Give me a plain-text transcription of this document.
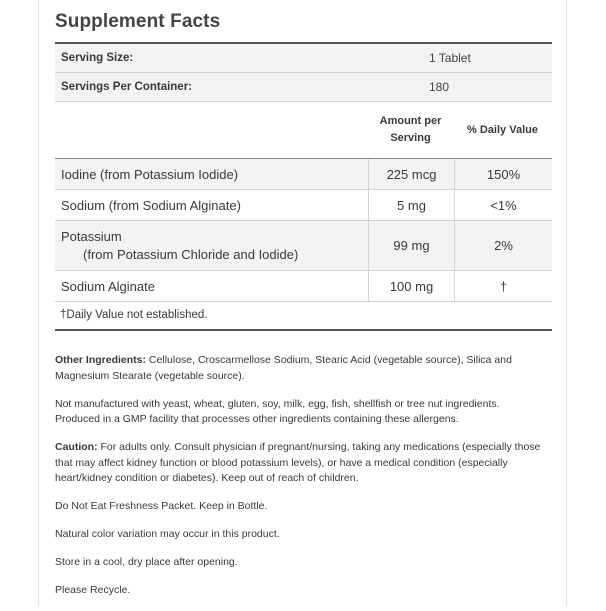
Supplement Facts
Serving Size:	1 Tablet
Servings Per Container:	180
Amount per
Serving
% Daily Value
Iodine (from Potassium Iodide)	225 mcg	150%
Sodium (from Sodium Alginate)	5 mg	<1%
Potassium
(from Potassium Chloride and Iodide)
99 mg	2%
Sodium Alginate	100 mg	†
†Daily Value not established.

Other Ingredients: Cellulose, Croscarmellose Sodium, Stearic Acid (vegetable source), Silica and Magnesium Stearate (vegetable source).

Not manufactured with yeast, wheat, gluten, soy, milk, egg, fish, shellfish or tree nut ingredients. Produced in a GMP facility that processes other ingredients containing these allergens.

Caution: For adults only. Consult physician if pregnant/nursing, taking any medications (especially those that may affect kidney function or blood potassium levels), or have a medical condition (especially heart/kidney condition or diabetes). Keep out of reach of children.

Do Not Eat Freshness Packet. Keep in Bottle.

Natural color variation may occur in this product.

Store in a cool, dry place after opening.

Please Recycle.
